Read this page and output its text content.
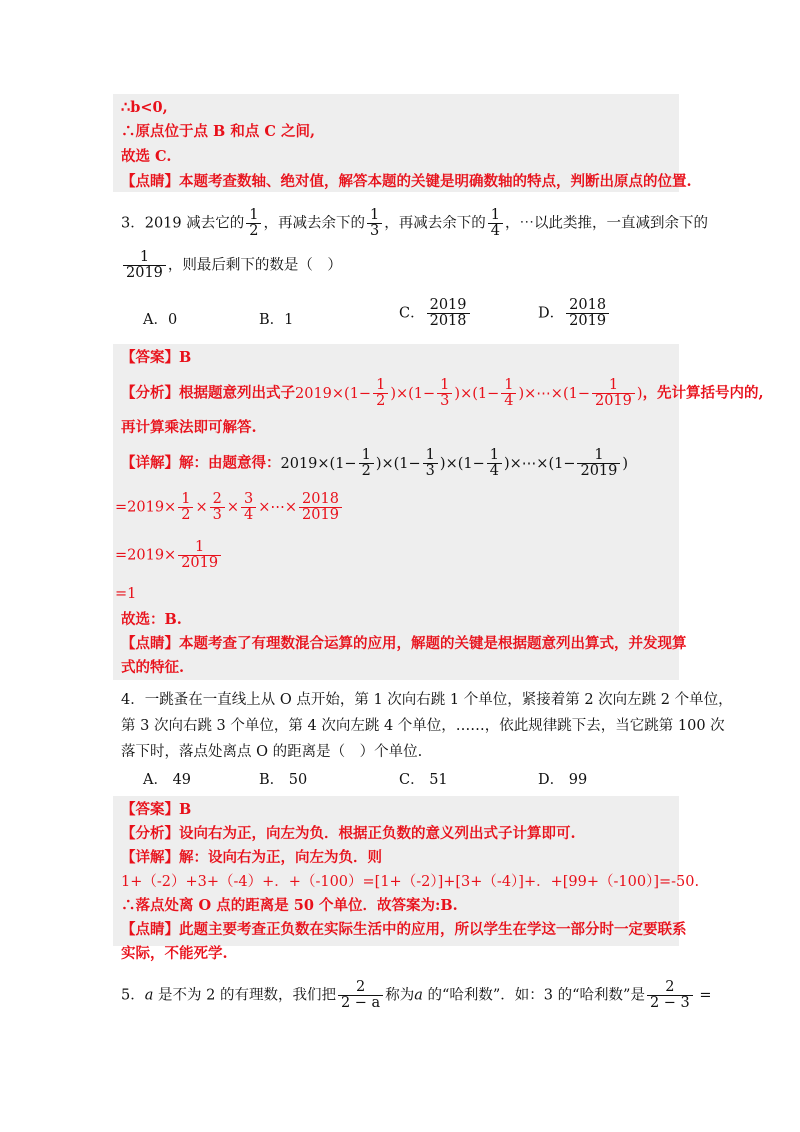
∴b<0,
∴原点位于点 B 和点 C 之间,
故选 C.
【点睛】本题考查数轴、绝对值，解答本题的关键是明确数轴的特点，判断出原点的位置.
3．2019 减去它的 $\frac{1}{2}$ ，再减去余下的 $\frac{1}{3}$ ，再减去余下的 $\frac{1}{4}$ ，⋯以此类推，一直减到余下的
$\frac{1}{2019}$ ，则最后剩下的数是（　）
A．0	B．1	C． $\frac{2019}{2018}$	D． $\frac{2018}{2019}$
【答案】B
【分析】根据题意列出式子$2019\times(1- \frac{1}{2} )\times(1- \frac{1}{3} )\times(1- \frac{1}{4}$ )×⋯×(1− $\frac{1}{2019}$ )，先计算括号内的,
再计算乘法即可解答.
【详解】解：由题意得：$2019\times(1- \frac{1}{2} )\times(1- \frac{1}{3} )\times(1- \frac{1}{4}$ )×⋯×(1− $\frac{1}{2019}$ )
$=2019\times \frac{1}{2} \times \frac{2}{3} \times \frac{3}{4}$ ×⋯× $\frac{2018}{2019}$
$=2019\times \frac{1}{2019}$
=1
故选：B.
【点睛】本题考查了有理数混合运算的应用，解题的关键是根据题意列出算式，并发现算
式的特征.
4．一跳蚤在一直线上从 O 点开始，第 1 次向右跳 1 个单位，紧接着第 2 次向左跳 2 个单位，
第 3 次向右跳 3 个单位，第 4 次向左跳 4 个单位，……，依此规律跳下去，当它跳第 100 次
落下时，落点处离点 O 的距离是（　）个单位.
A． 49	B． 50	C． 51	D． 99
【答案】B
【分析】设向右为正，向左为负．根据正负数的意义列出式子计算即可.
【详解】解：设向右为正，向左为负．则
1+（-2）+3+（-4）+．+（-100）=[1+（-2）]+[3+（-4）]+．+[99+（-100）]=-50.
∴落点处离 O 点的距离是 50 个单位．故答案为:B.
【点睛】此题主要考查正负数在实际生活中的应用，所以学生在学这一部分时一定要联系
实际，不能死学.
5．a 是不为 2 的有理数，我们把 $\frac{2}{2 - a}$ 称为a 的“哈利数”．如：3 的“哈利数”是 $\frac{2}{2 - 3}$ =
